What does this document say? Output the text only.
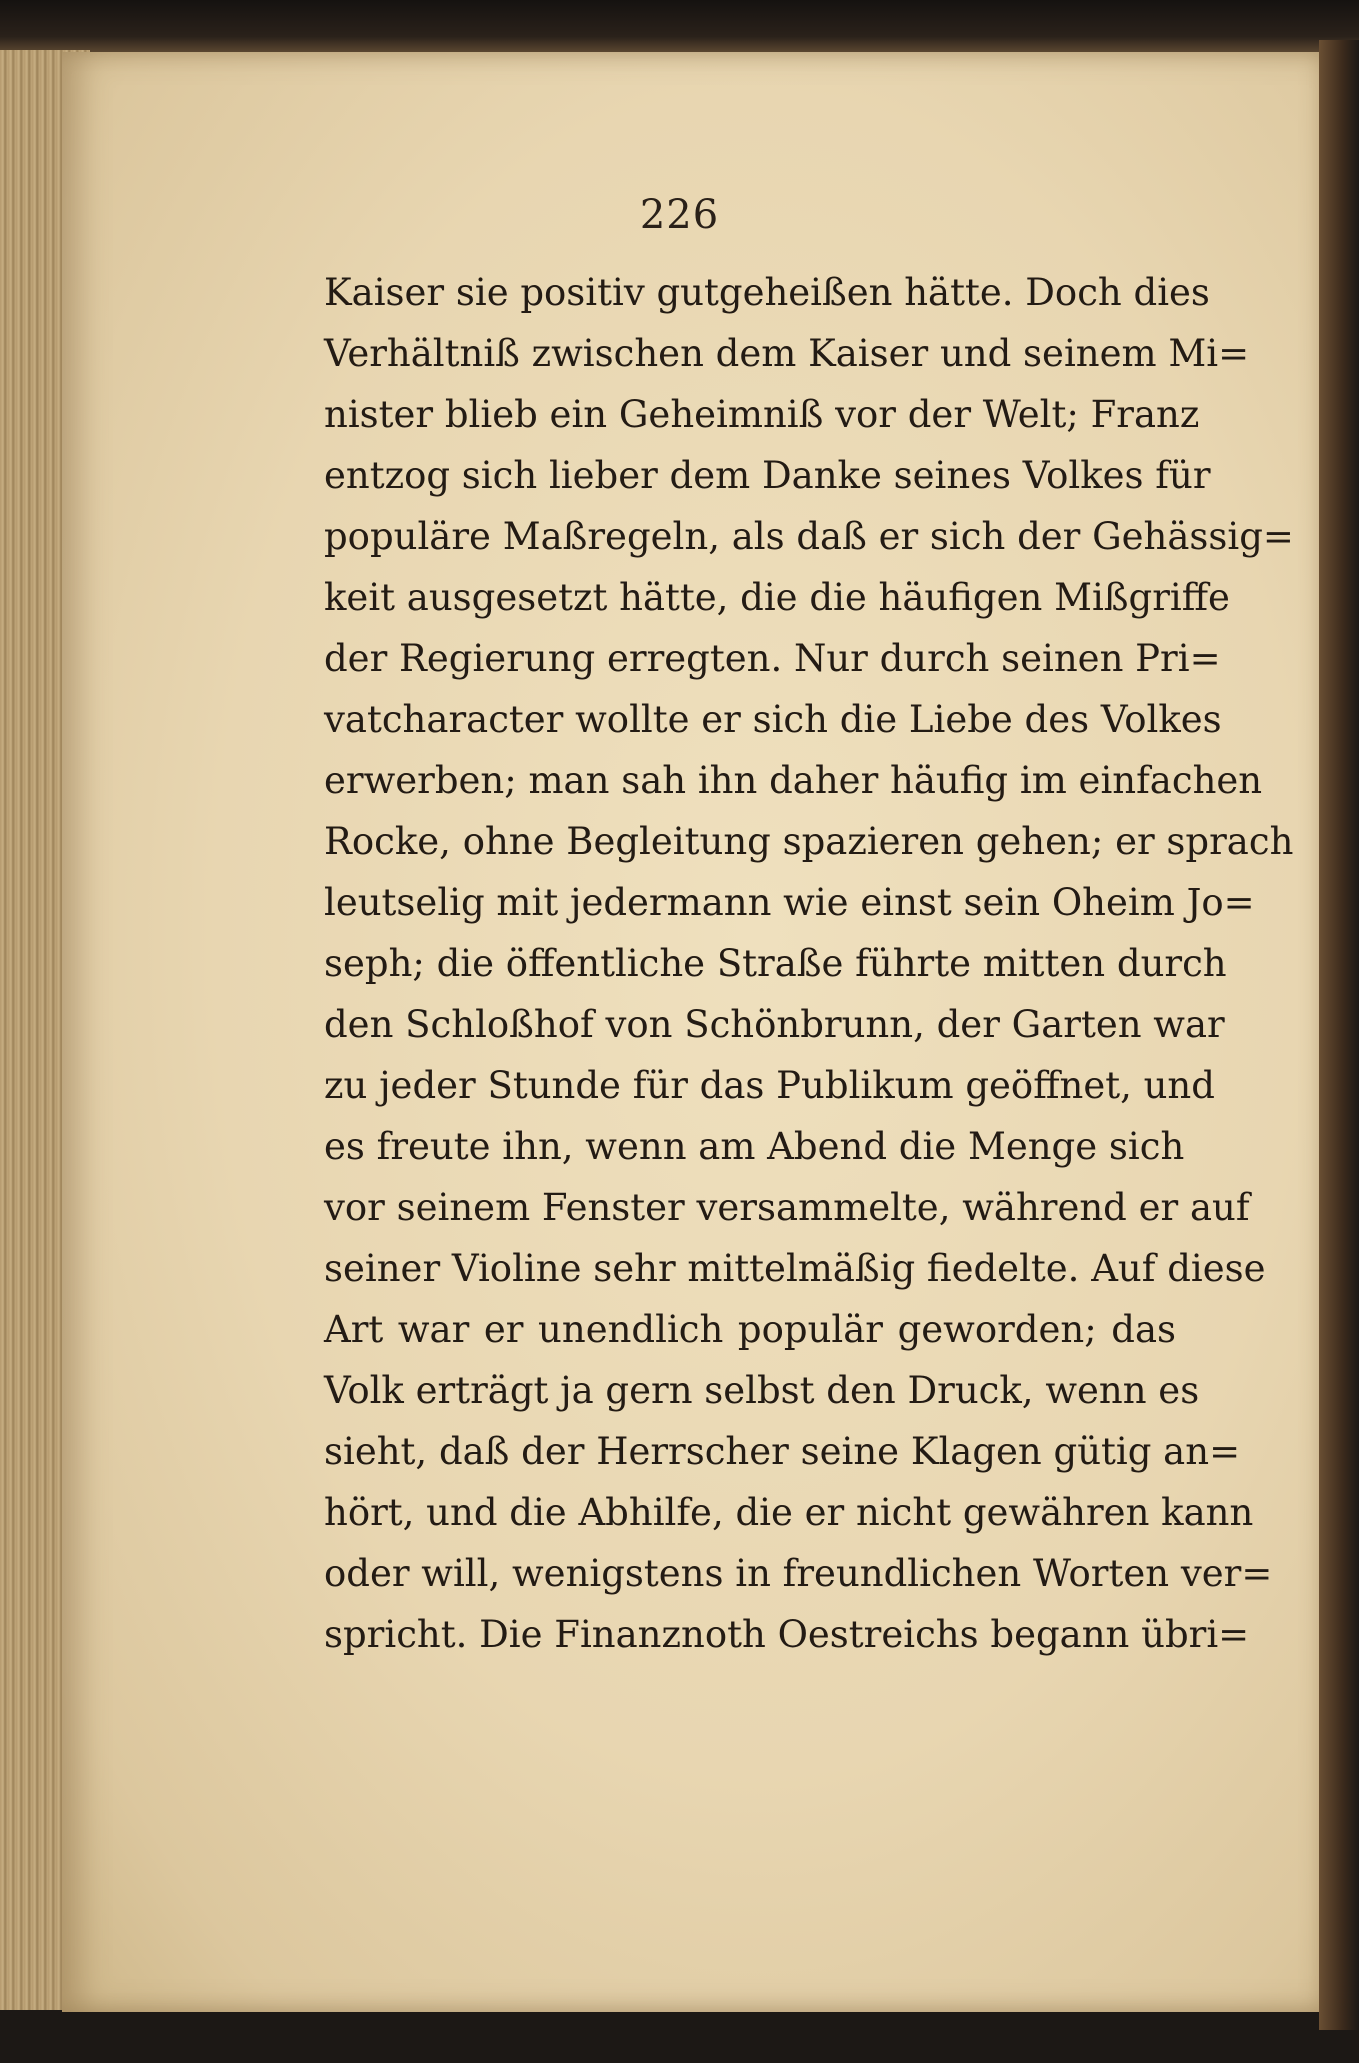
226
Kaiser sie positiv gutgeheißen hätte. Doch dies
Verhältniß zwischen dem Kaiser und seinem Mi=
nister blieb ein Geheimniß vor der Welt; Franz
entzog sich lieber dem Danke seines Volkes für
populäre Maßregeln, als daß er sich der Gehässig=
keit ausgesetzt hätte, die die häufigen Mißgriffe
der Regierung erregten. Nur durch seinen Pri=
vatcharacter wollte er sich die Liebe des Volkes
erwerben; man sah ihn daher häufig im einfachen
Rocke, ohne Begleitung spazieren gehen; er sprach
leutselig mit jedermann wie einst sein Oheim Jo=
seph; die öffentliche Straße führte mitten durch
den Schloßhof von Schönbrunn, der Garten war
zu jeder Stunde für das Publikum geöffnet, und
es freute ihn, wenn am Abend die Menge sich
vor seinem Fenster versammelte, während er auf
seiner Violine sehr mittelmäßig fiedelte. Auf diese
Art war er unendlich populär geworden; das
Volk erträgt ja gern selbst den Druck, wenn es
sieht, daß der Herrscher seine Klagen gütig an=
hört, und die Abhilfe, die er nicht gewähren kann
oder will, wenigstens in freundlichen Worten ver=
spricht. Die Finanznoth Oestreichs begann übri=
